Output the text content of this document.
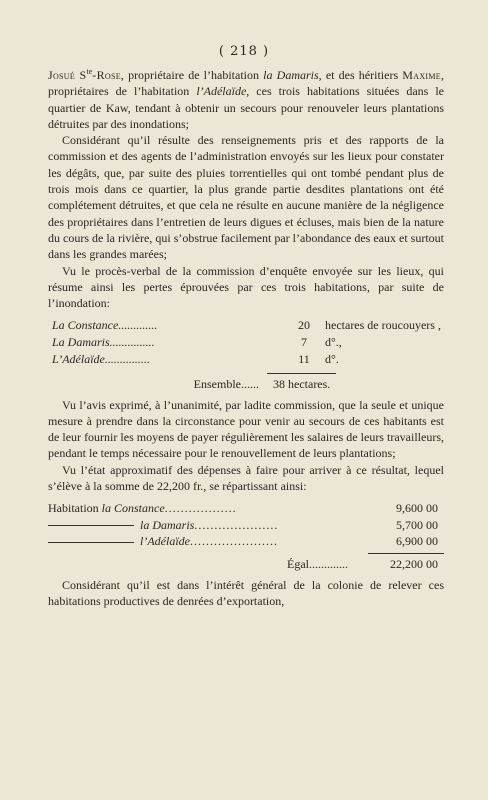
( 218 )

Josué $S^{te}$-Rose, propriétaire de l’habitation la Damaris, et des héritiers Maxime, propriétaires de l’habitation l’Adélaïde, ces trois habitations situées dans le quartier de Kaw, tendant à obtenir un secours pour renouveler leurs plantations détruites par des inondations;

Considérant qu’il résulte des renseignements pris et des rapports de la commission et des agents de l’administration envoyés sur les lieux pour constater les dégâts, que, par suite des pluies torrentielles qui ont tombé pendant plus de trois mois dans ce quartier, la plus grande partie desdites plantations ont été complétement détruites, et que cela ne résulte en aucune manière de la négligence des propriétaires dans l’entretien de leurs digues et écluses, mais bien de la nature du cours de la rivière, qui s’obstrue facilement par l’abondance des eaux et surtout dans les grandes marées;

Vu le procès-verbal de la commission d’enquête envoyée sur les lieux, qui résume ainsi les pertes éprouvées par ces trois habitations, par suite de l’inondation:

La Constance.............	20	hectares de roucouyers ,
La Damaris...............	7	d°.,
L’Adélaïde...............	11	d°.
Ensemble......	38 hectares.

Vu l’avis exprimé, à l’unanimité, par ladite commission, que la seule et unique mesure à prendre dans la circonstance pour venir au secours de ces habitants est de leur fournir les moyens de payer régulièrement les salaires de leurs travailleurs, pendant le temps nécessaire pour le renouvellement de leurs plantations;

Vu l’état approximatif des dépenses à faire pour arriver à ce résultat, lequel s’élève à la somme de 22,200 fr., se répartissant ainsi:

Habitation la Constance..................	9,600 00
la Damaris.....................	5,700 00
l’Adélaïde......................	6,900 00
Égal.............	22,200 00

Considérant qu’il est dans l’intérêt général de la colonie de relever ces habitations productives de denrées d’exportation,
